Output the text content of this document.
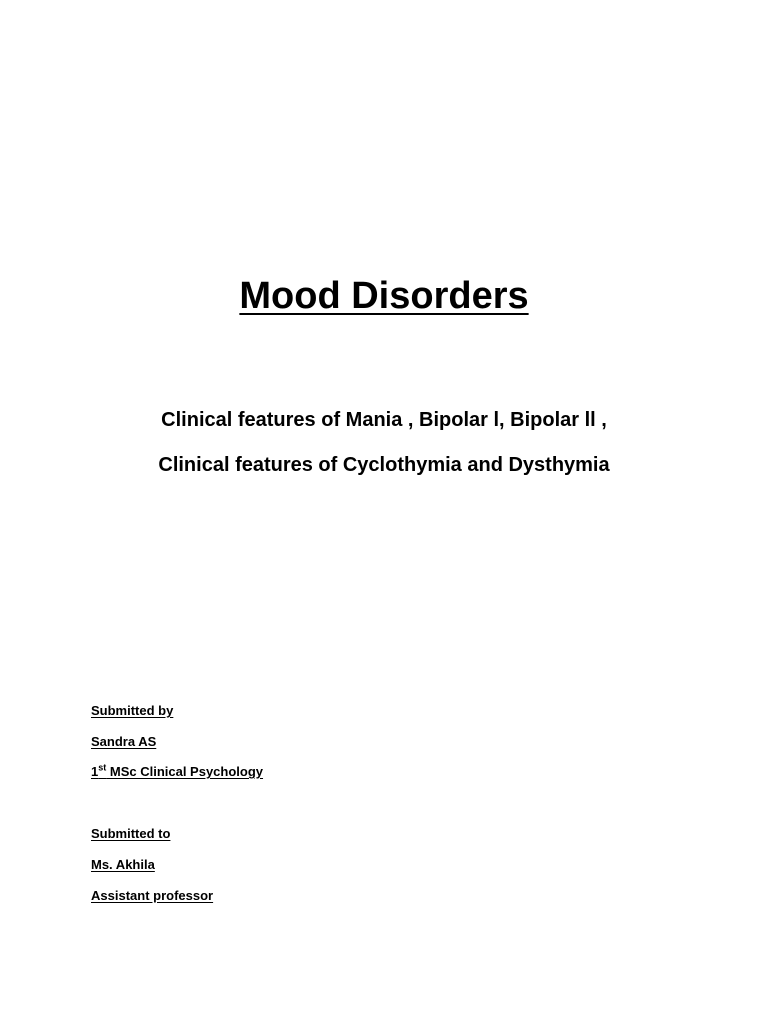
Mood Disorders
Clinical features of Mania , Bipolar l, Bipolar ll ,
Clinical features of Cyclothymia and Dysthymia
Submitted by
Sandra AS
1st MSc Clinical Psychology
Submitted to
Ms. Akhila
Assistant professor
